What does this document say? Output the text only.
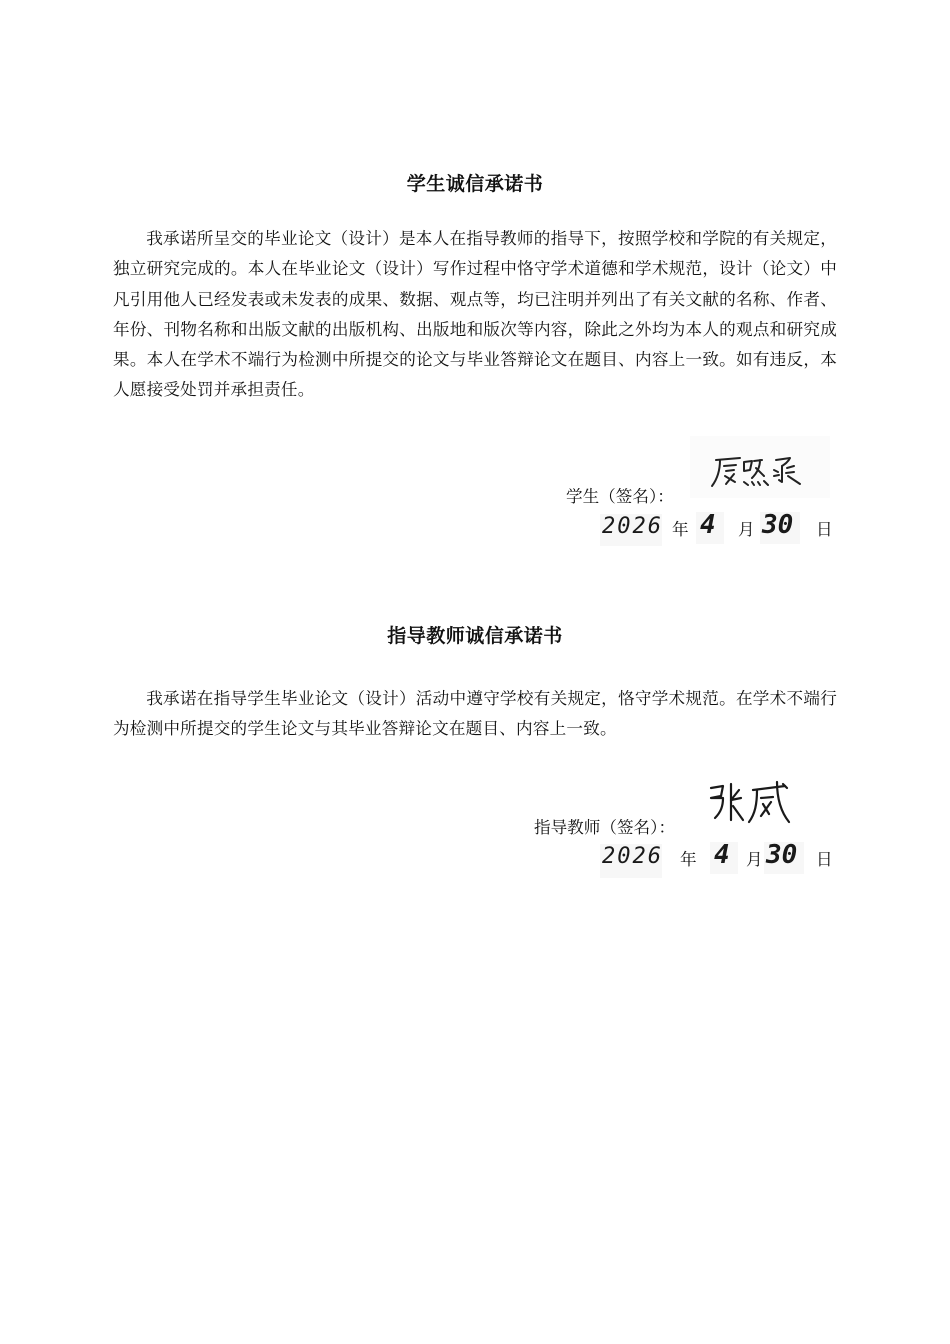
学生诚信承诺书
我承诺所呈交的毕业论文（设计）是本人在指导教师的指导下，按照学校和学院的有关规定，独立研究完成的。本人在毕业论文（设计）写作过程中恪守学术道德和学术规范，设计（论文）中凡引用他人已经发表或未发表的成果、数据、观点等，均已注明并列出了有关文献的名称、作者、年份、刊物名称和出版文献的出版机构、出版地和版次等内容，除此之外均为本人的观点和研究成果。本人在学术不端行为检测中所提交的论文与毕业答辩论文在题目、内容上一致。如有违反，本人愿接受处罚并承担责任。
学生（签名）：
2026 年 4 月 30 日
指导教师诚信承诺书
我承诺在指导学生毕业论文（设计）活动中遵守学校有关规定，恪守学术规范。在学术不端行为检测中所提交的学生论文与其毕业答辩论文在题目、内容上一致。
指导教师（签名）：
2026 年 4 月 30 日
